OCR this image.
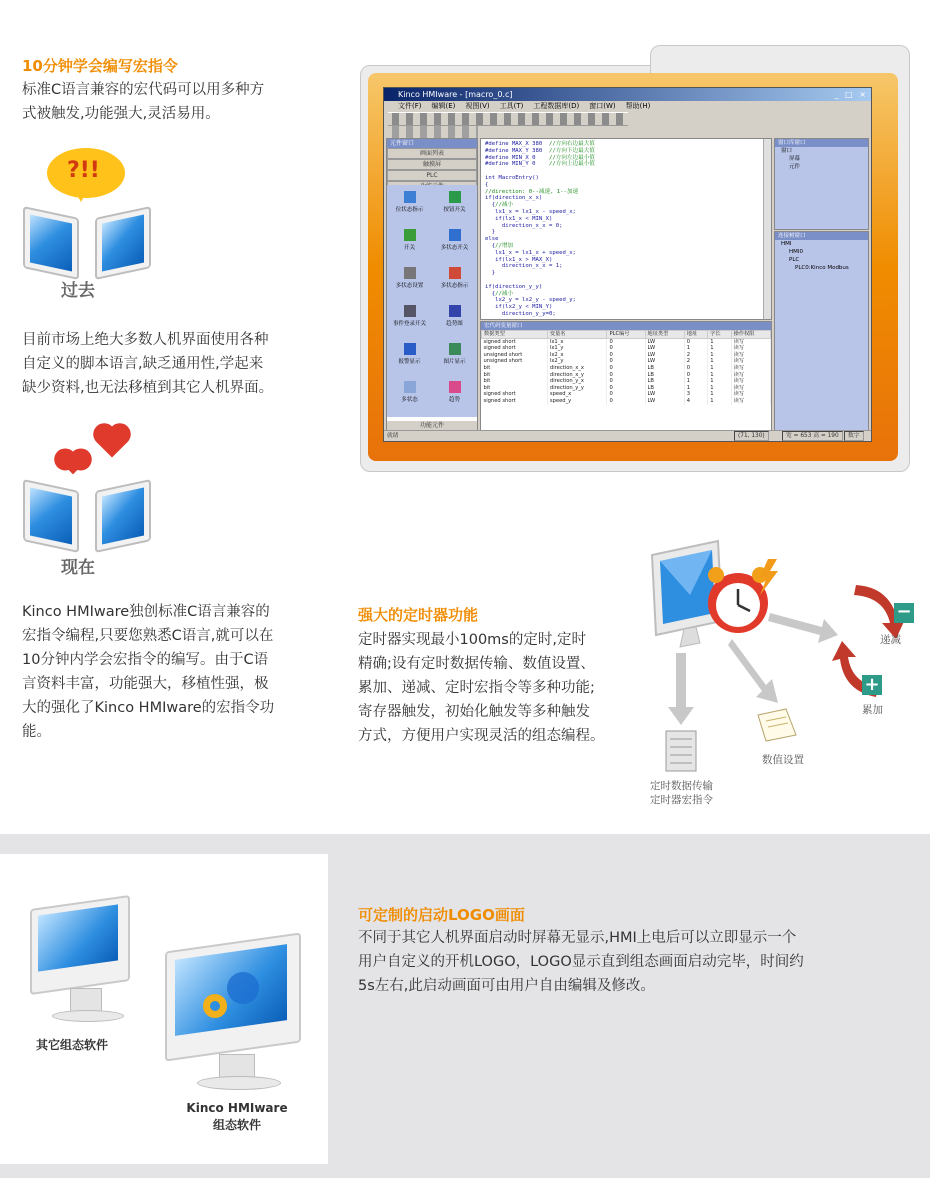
10分钟学会编写宏指令
标准C语言兼容的宏代码可以用多种方
式被触发,功能强大,灵活易用。
?!!
过去
目前市场上绝大多数人机界面使用各种
自定义的脚本语言,缺乏通用性,学起来
缺少资料,也无法移植到其它人机界面。
现在
Kinco HMIware独创标准C语言兼容的
宏指令编程,只要您熟悉C语言,就可以在
10分钟内学会宏指令的编写。由于C语
言资料丰富，功能强大，移植性强，极
大的强化了Kinco HMIware的宏指令功
能。
Kinco HMIware - [macro_0.c]	_ □ ×
文件(F) 编辑(E) 视图(V) 工具(T) 工程数据库(D) 窗口(W) 帮助(H)
元件窗口
画面列表
触摸屏
PLC
位状态指示	按钮开关
开关	多状态开关
多状态设置	多状态指示
事件登录开关	趋势图
报警显示	图片显示
多状态	趋势
功能元件
#define MAX_X 380  //方向右边最大值
#define MAX_Y 380  //方向下边最大值
#define MIN_X 0    //方向左边最小值
#define MIN_Y 0    //方向上边最小值

int MacroEntry()
{
//direction: 0--减速, 1--加速
if(direction_x_x)
{//减小
lx1_x = lx1_x - speed_x;
if(lx1_x < MIN_X)
direction_x_x = 0;
}
else
{//增加
lx1_x = lx1_x + speed_x;
if(lx1_x > MAX_X)
direction_x_x = 1;
}

if(direction_y_y)
{//减小
lx2_y = lx2_y - speed_y;
if(lx2_y < MIN_Y)
direction_y_y=0;
宏代码变量窗口
数据类型	变量名	PLC编号	地址类型	地址	字长	操作权限
signed short	lx1_x	0	LW	0	1	读写
signed short	lx1_y	0	LW	1	1	读写
unsigned short	lx2_x	0	LW	2	1	读写
unsigned short	lx2_y	0	LW	2	1	读写
bit	direction_x_x	0	LB	0	1	读写
bit	direction_x_y	0	LB	0	1	读写
bit	direction_y_x	0	LB	1	1	读写
bit	direction_y_y	0	LB	1	1	读写
signed short	speed_x	0	LW	3	1	读写
signed short	speed_y	0	LW	4	1	读写
窗口库窗口
窗口
屏幕
元件
连接树窗口
HMI
HMI0
PLC
PLC0:Kinco Modbus
就绪	(71, 130)	宽 = 653 高 = 190	数字
强大的定时器功能
定时器实现最小100ms的定时,定时
精确;设有定时数据传输、数值设置、
累加、递减、定时宏指令等多种功能;
寄存器触发，初始化触发等多种触发
方式，方便用户实现灵活的组态编程。
−
+
递减
累加
数值设置
定时数据传输
定时器宏指令
其它组态软件
Kinco HMIware
组态软件
可定制的启动LOGO画面
不同于其它人机界面启动时屏幕无显示,HMI上电后可以立即显示一个
用户自定义的开机LOGO，LOGO显示直到组态画面启动完毕，时间约
5s左右,此启动画面可由用户自由编辑及修改。
